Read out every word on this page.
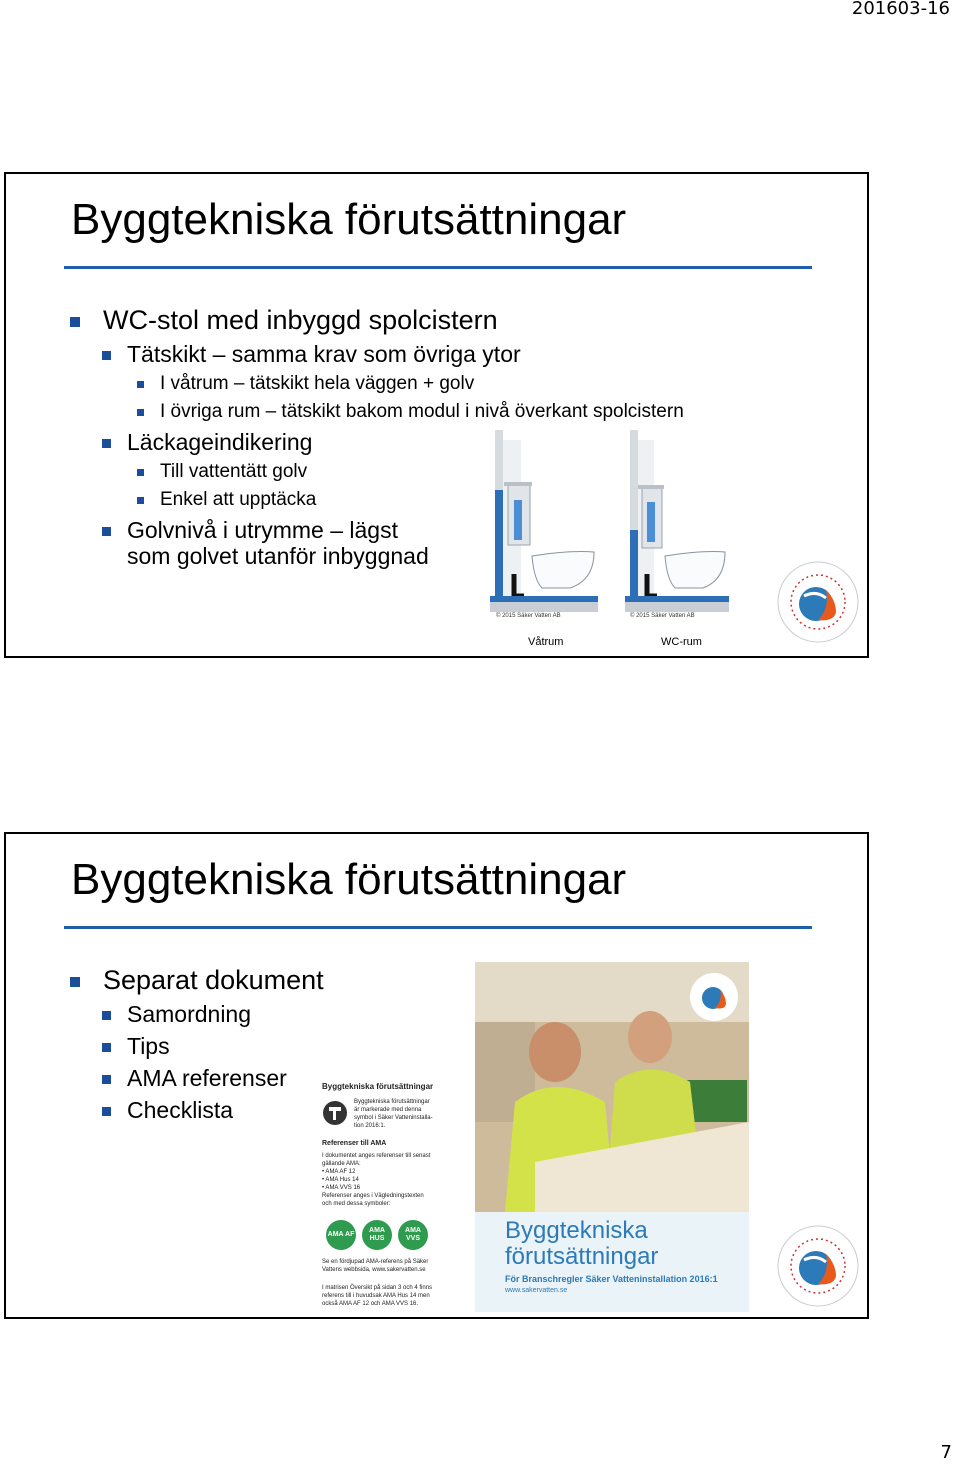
201603-16
Byggtekniska förutsättningar
WC-stol med inbyggd spolcistern
Tätskikt – samma krav som övriga ytor
I våtrum – tätskikt hela väggen + golv
I övriga rum – tätskikt bakom modul i nivå överkant spolcistern
Läckageindikering
Till vattentätt golv
Enkel att upptäcka
Golvnivå i utrymme – lägst
som golvet utanför inbyggnad
© 2015 Säker Vatten AB	© 2015 Säker Vatten AB
Våtrum	WC-rum
Byggtekniska förutsättningar
Separat dokument
Samordning
Tips
AMA referenser
Checklista
Byggtekniska förutsättningar
Byggtekniska förutsättningar
är markerade med denna
symbol i Säker Vatteninstalla-
tion 2016:1.
Referenser till AMA
I dokumentet anges referenser till senast
gällande AMA:
• AMA AF 12
• AMA Hus 14
• AMA VVS 16
Referenser anges i Vägledningstexten
och med dessa symboler:
AMA AF
AMA HUS
AMA VVS
Se en fördjupad AMA-referens på Säker
Vattens webbsida, www.sakervatten.se
I matrisen Översikt på sidan 3 och 4 finns
referens till i huvudsak AMA Hus 14 men
också AMA AF 12 och AMA VVS 16.
Byggtekniska
förutsättningar
För Branschregler Säker Vatteninstallation 2016:1
www.sakervatten.se
7
